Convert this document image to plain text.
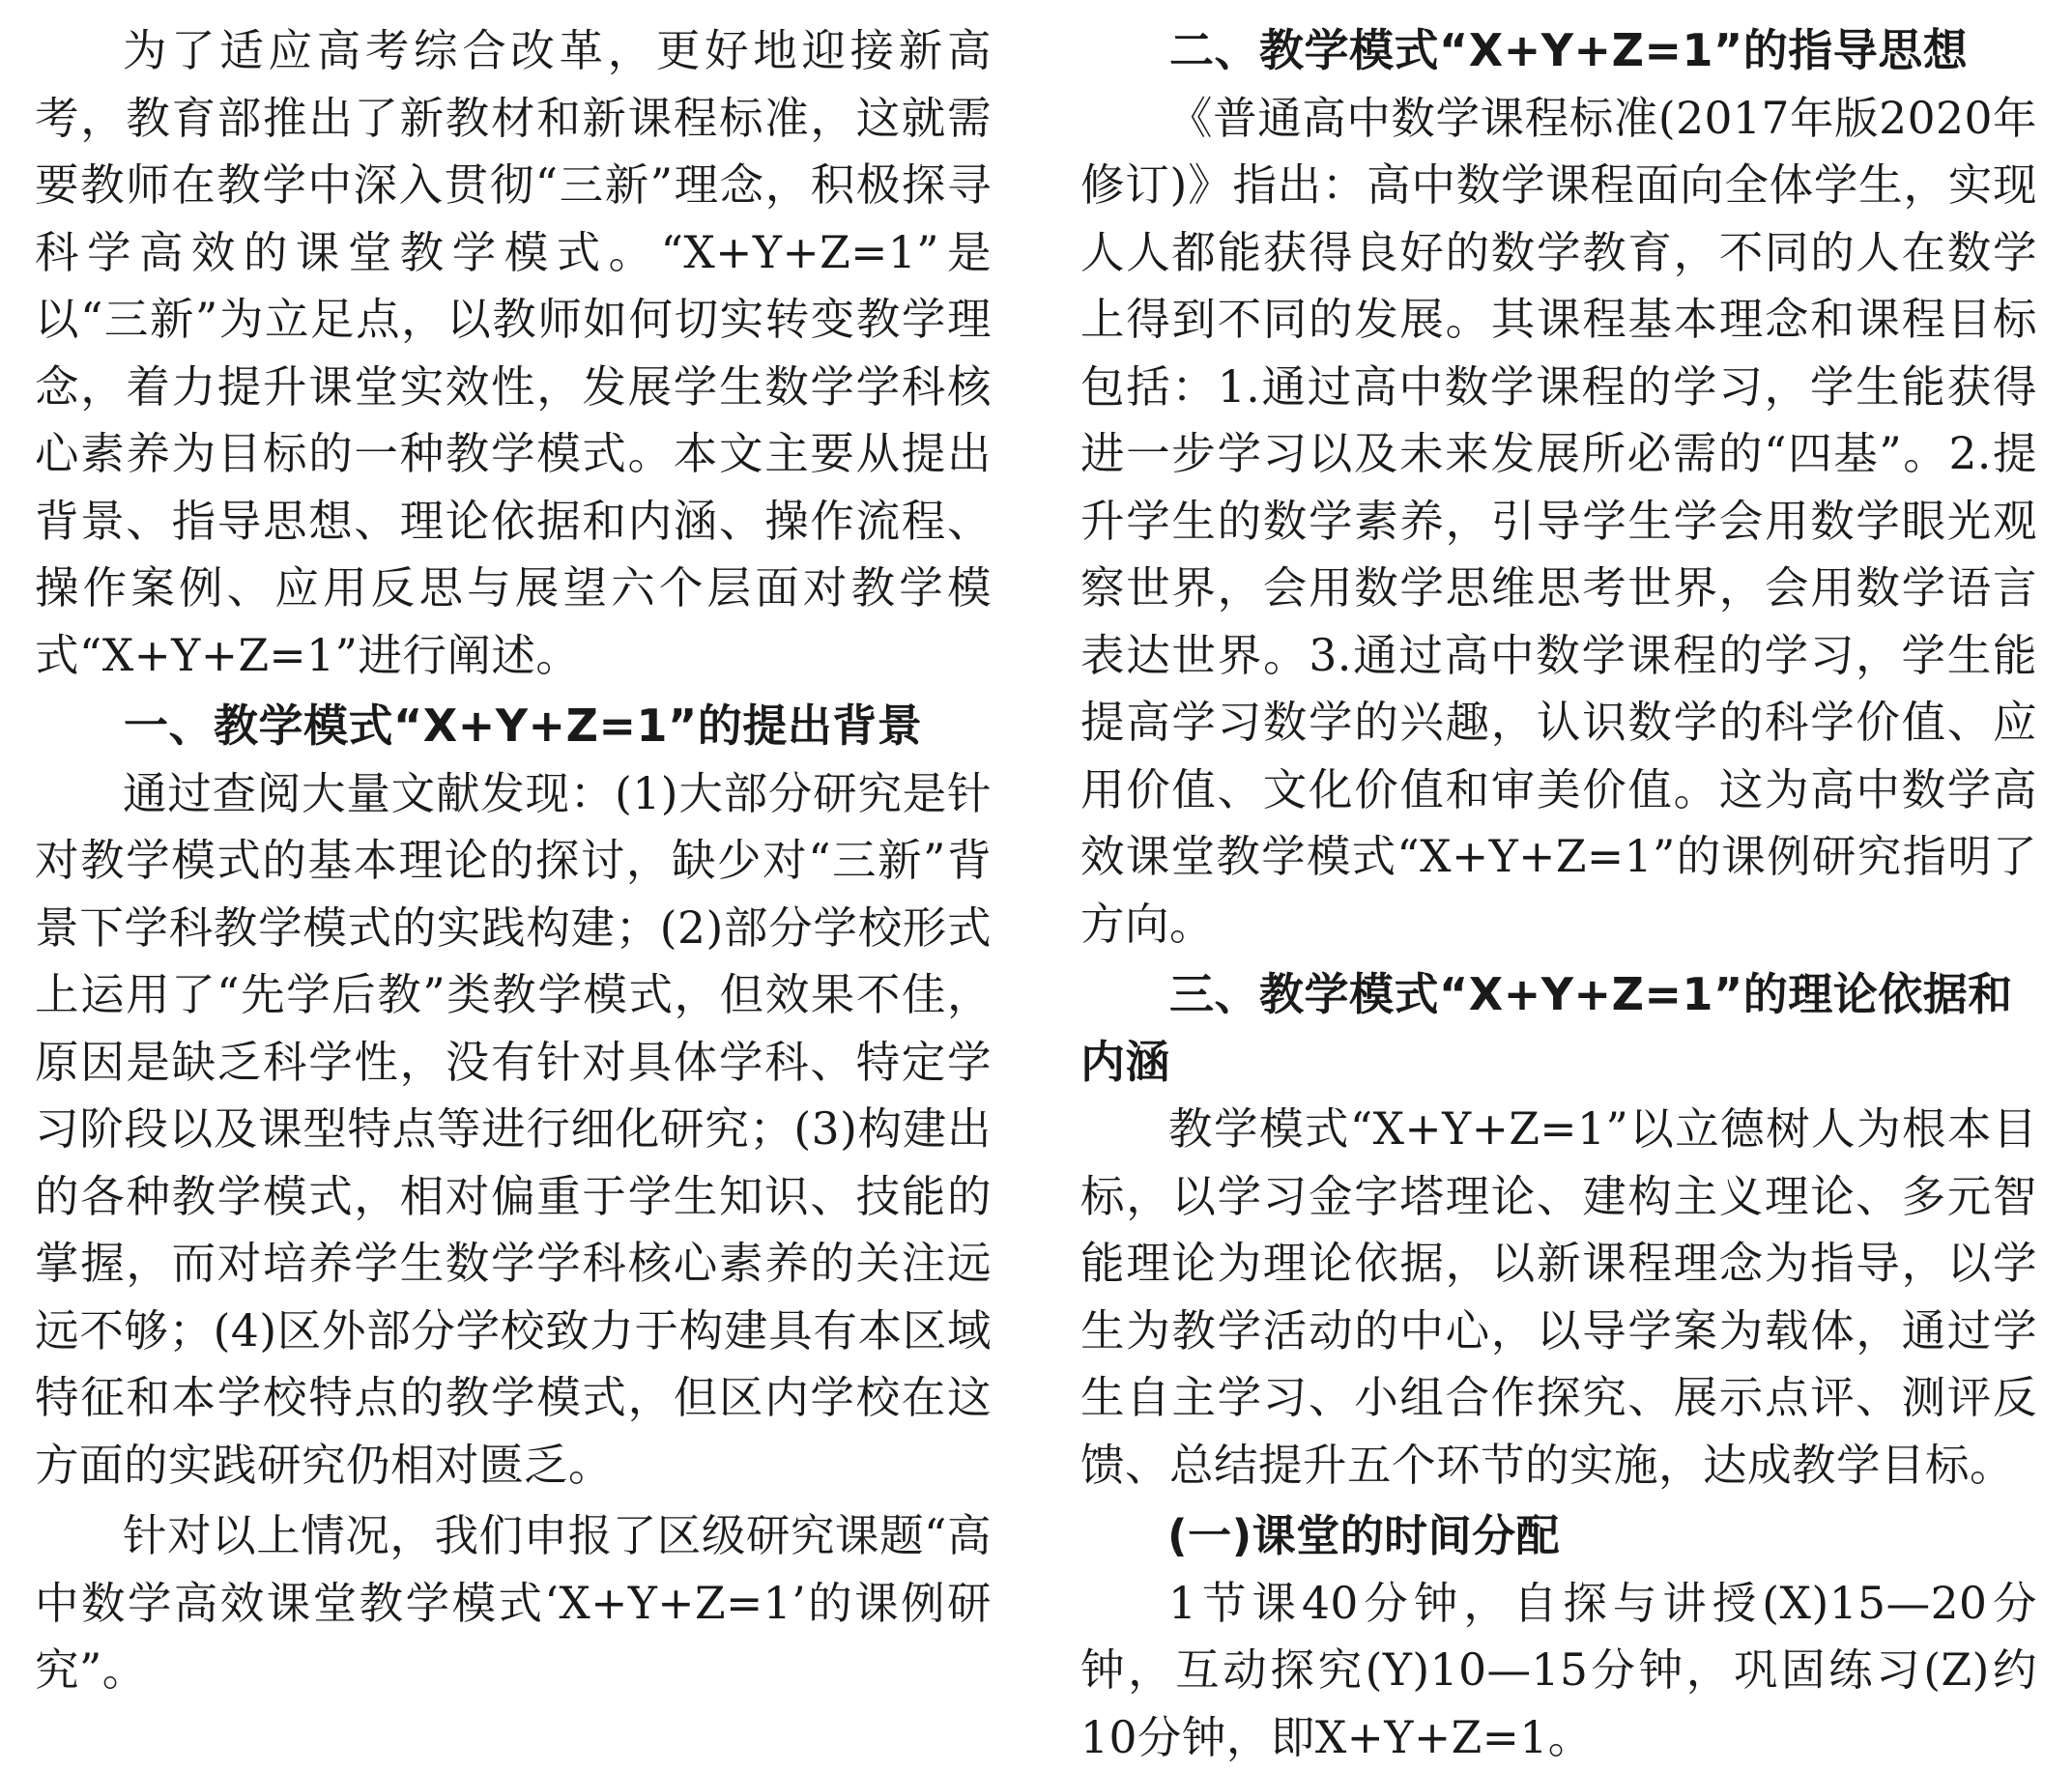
为了适应高考综合改革，更好地迎接新高考，教育部推出了新教材和新课程标准，这就需要教师在教学中深入贯彻“三新”理念，积极探寻科学高效的课堂教学模式。“X+Y+Z=1”是以“三新”为立足点，以教师如何切实转变教学理念，着力提升课堂实效性，发展学生数学学科核心素养为目标的一种教学模式。本文主要从提出背景、指导思想、理论依据和内涵、操作流程、操作案例、应用反思与展望六个层面对教学模式“X+Y+Z=1”进行阐述。

一、教学模式“X+Y+Z=1”的提出背景

通过查阅大量文献发现：(1)大部分研究是针对教学模式的基本理论的探讨，缺少对“三新”背景下学科教学模式的实践构建；(2)部分学校形式上运用了“先学后教”类教学模式，但效果不佳，原因是缺乏科学性，没有针对具体学科、特定学习阶段以及课型特点等进行细化研究；(3)构建出的各种教学模式，相对偏重于学生知识、技能的掌握，而对培养学生数学学科核心素养的关注远远不够；(4)区外部分学校致力于构建具有本区域特征和本学校特点的教学模式，但区内学校在这方面的实践研究仍相对匮乏。

针对以上情况，我们申报了区级研究课题“高中数学高效课堂教学模式‘X+Y+Z=1’的课例研究”。

二、教学模式“X+Y+Z=1”的指导思想

《普通高中数学课程标准(2017年版2020年修订)》指出：高中数学课程面向全体学生，实现人人都能获得良好的数学教育，不同的人在数学上得到不同的发展。其课程基本理念和课程目标包括：1.通过高中数学课程的学习，学生能获得进一步学习以及未来发展所必需的“四基”。2.提升学生的数学素养，引导学生学会用数学眼光观察世界，会用数学思维思考世界，会用数学语言表达世界。3.通过高中数学课程的学习，学生能提高学习数学的兴趣，认识数学的科学价值、应用价值、文化价值和审美价值。这为高中数学高效课堂教学模式“X+Y+Z=1”的课例研究指明了方向。

三、教学模式“X+Y+Z=1”的理论依据和内涵

教学模式“X+Y+Z=1”以立德树人为根本目标，以学习金字塔理论、建构主义理论、多元智能理论为理论依据，以新课程理念为指导，以学生为教学活动的中心，以导学案为载体，通过学生自主学习、小组合作探究、展示点评、测评反馈、总结提升五个环节的实施，达成教学目标。

(一)课堂的时间分配

1节课40分钟，自探与讲授(X)15—20分钟，互动探究(Y)10—15分钟，巩固练习(Z)约10分钟，即X+Y+Z=1。
